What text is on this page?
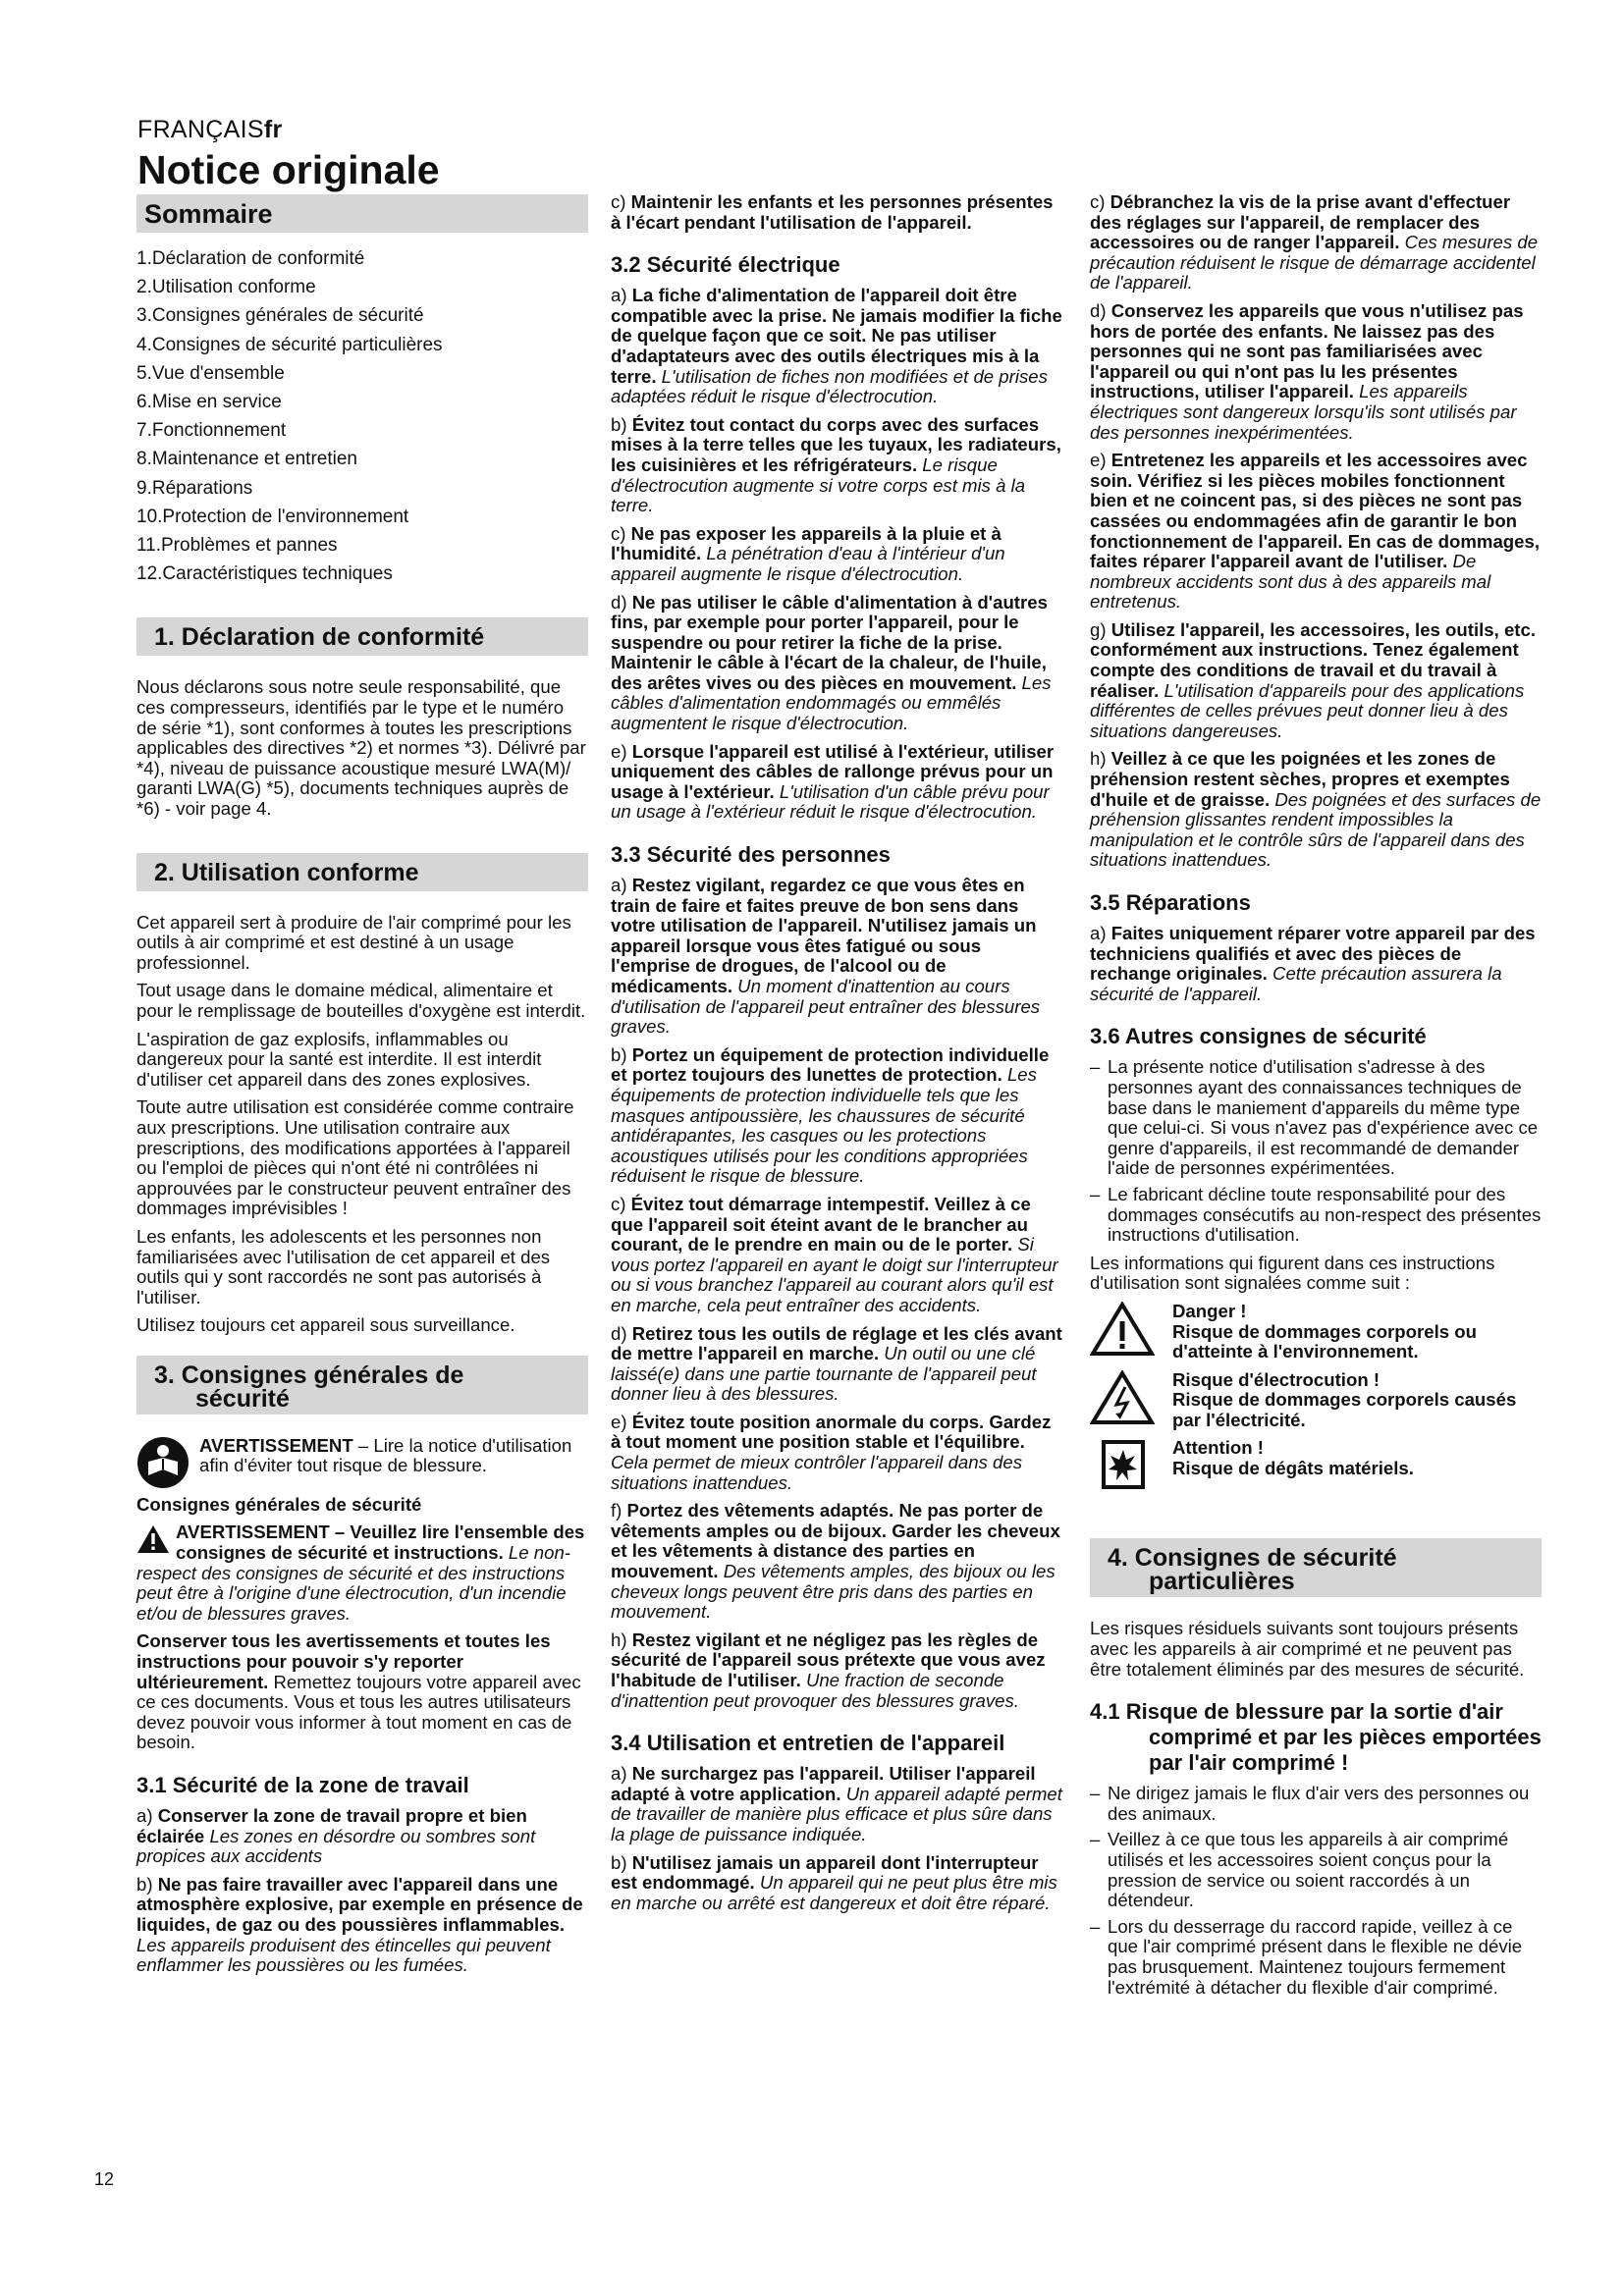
FRANÇAISfr
Notice originale
Sommaire
1.Déclaration de conformité
2.Utilisation conforme
3.Consignes générales de sécurité
4.Consignes de sécurité particulières
5.Vue d'ensemble
6.Mise en service
7.Fonctionnement
8.Maintenance et entretien
9.Réparations
10.Protection de l'environnement
11.Problèmes et pannes
12.Caractéristiques techniques
1. Déclaration de conformité

Nous déclarons sous notre seule responsabilité, que ces compresseurs, identifiés par le type et le numéro de série *1), sont conformes à toutes les prescriptions applicables des directives *2) et normes *3). Délivré par *4), niveau de puissance acoustique mesuré LWA(M)/ garanti LWA(G) *5), documents techniques auprès de *6) - voir page 4.

2. Utilisation conforme

Cet appareil sert à produire de l'air comprimé pour les outils à air comprimé et est destiné à un usage professionnel.

Tout usage dans le domaine médical, alimentaire et pour le remplissage de bouteilles d'oxygène est interdit.

L'aspiration de gaz explosifs, inflammables ou dangereux pour la santé est interdite. Il est interdit d'utiliser cet appareil dans des zones explosives.

Toute autre utilisation est considérée comme contraire aux prescriptions. Une utilisation contraire aux prescriptions, des modifications apportées à l'appareil ou l'emploi de pièces qui n'ont été ni contrôlées ni approuvées par le constructeur peuvent entraîner des dommages imprévisibles !

Les enfants, les adolescents et les personnes non familiarisées avec l'utilisation de cet appareil et des outils qui y sont raccordés ne sont pas autorisés à l'utiliser.

Utilisez toujours cet appareil sous surveillance.

3. Consignes générales de
sécurité
AVERTISSEMENT – Lire la notice d'utilisation afin d'éviter tout risque de blessure.

Consignes générales de sécurité

AVERTISSEMENT – Veuillez lire l'ensemble des consignes de sécurité et instructions. Le non-respect des consignes de sécurité et des instructions peut être à l'origine d'une électrocution, d'un incendie et/ou de blessures graves.

Conserver tous les avertissements et toutes les instructions pour pouvoir s'y reporter ultérieurement. Remettez toujours votre appareil avec ce ces documents. Vous et tous les autres utilisateurs devez pouvoir vous informer à tout moment en cas de besoin.

3.1 Sécurité de la zone de travail

a) Conserver la zone de travail propre et bien éclairée Les zones en désordre ou sombres sont propices aux accidents

b) Ne pas faire travailler avec l'appareil dans une atmosphère explosive, par exemple en présence de liquides, de gaz ou des poussières inflammables. Les appareils produisent des étincelles qui peuvent enflammer les poussières ou les fumées.

c) Maintenir les enfants et les personnes présentes à l'écart pendant l'utilisation de l'appareil.

3.2 Sécurité électrique

a) La fiche d'alimentation de l'appareil doit être compatible avec la prise. Ne jamais modifier la fiche de quelque façon que ce soit. Ne pas utiliser d'adaptateurs avec des outils électriques mis à la terre. L'utilisation de fiches non modifiées et de prises adaptées réduit le risque d'électrocution.

b) Évitez tout contact du corps avec des surfaces mises à la terre telles que les tuyaux, les radiateurs, les cuisinières et les réfrigérateurs. Le risque d'électrocution augmente si votre corps est mis à la terre.

c) Ne pas exposer les appareils à la pluie et à l'humidité. La pénétration d'eau à l'intérieur d'un appareil augmente le risque d'électrocution.

d) Ne pas utiliser le câble d'alimentation à d'autres fins, par exemple pour porter l'appareil, pour le suspendre ou pour retirer la fiche de la prise. Maintenir le câble à l'écart de la chaleur, de l'huile, des arêtes vives ou des pièces en mouvement. Les câbles d'alimentation endommagés ou emmêlés augmentent le risque d'électrocution.

e) Lorsque l'appareil est utilisé à l'extérieur, utiliser uniquement des câbles de rallonge prévus pour un usage à l'extérieur. L'utilisation d'un câble prévu pour un usage à l'extérieur réduit le risque d'électrocution.

3.3 Sécurité des personnes

a) Restez vigilant, regardez ce que vous êtes en train de faire et faites preuve de bon sens dans votre utilisation de l'appareil. N'utilisez jamais un appareil lorsque vous êtes fatigué ou sous l'emprise de drogues, de l'alcool ou de médicaments. Un moment d'inattention au cours d'utilisation de l'appareil peut entraîner des blessures graves.

b) Portez un équipement de protection individuelle et portez toujours des lunettes de protection. Les équipements de protection individuelle tels que les masques antipoussière, les chaussures de sécurité antidérapantes, les casques ou les protections acoustiques utilisés pour les conditions appropriées réduisent le risque de blessure.

c) Évitez tout démarrage intempestif. Veillez à ce que l'appareil soit éteint avant de le brancher au courant, de le prendre en main ou de le porter. Si vous portez l'appareil en ayant le doigt sur l'interrupteur ou si vous branchez l'appareil au courant alors qu'il est en marche, cela peut entraîner des accidents.

d) Retirez tous les outils de réglage et les clés avant de mettre l'appareil en marche. Un outil ou une clé laissé(e) dans une partie tournante de l'appareil peut donner lieu à des blessures.

e) Évitez toute position anormale du corps. Gardez à tout moment une position stable et l'équilibre. Cela permet de mieux contrôler l'appareil dans des situations inattendues.

f) Portez des vêtements adaptés. Ne pas porter de vêtements amples ou de bijoux. Garder les cheveux et les vêtements à distance des parties en mouvement. Des vêtements amples, des bijoux ou les cheveux longs peuvent être pris dans des parties en mouvement.

h) Restez vigilant et ne négligez pas les règles de sécurité de l'appareil sous prétexte que vous avez l'habitude de l'utiliser. Une fraction de seconde d'inattention peut provoquer des blessures graves.

3.4 Utilisation et entretien de l'appareil

a) Ne surchargez pas l'appareil. Utiliser l'appareil adapté à votre application. Un appareil adapté permet de travailler de manière plus efficace et plus sûre dans la plage de puissance indiquée.

b) N'utilisez jamais un appareil dont l'interrupteur est endommagé. Un appareil qui ne peut plus être mis en marche ou arrêté est dangereux et doit être réparé.

c) Débranchez la vis de la prise avant d'effectuer des réglages sur l'appareil, de remplacer des accessoires ou de ranger l'appareil. Ces mesures de précaution réduisent le risque de démarrage accidentel de l'appareil.

d) Conservez les appareils que vous n'utilisez pas hors de portée des enfants. Ne laissez pas des personnes qui ne sont pas familiarisées avec l'appareil ou qui n'ont pas lu les présentes instructions, utiliser l'appareil. Les appareils électriques sont dangereux lorsqu'ils sont utilisés par des personnes inexpérimentées.

e) Entretenez les appareils et les accessoires avec soin. Vérifiez si les pièces mobiles fonctionnent bien et ne coincent pas, si des pièces ne sont pas cassées ou endommagées afin de garantir le bon fonctionnement de l'appareil. En cas de dommages, faites réparer l'appareil avant de l'utiliser. De nombreux accidents sont dus à des appareils mal entretenus.

g) Utilisez l'appareil, les accessoires, les outils, etc. conformément aux instructions. Tenez également compte des conditions de travail et du travail à réaliser. L'utilisation d'appareils pour des applications différentes de celles prévues peut donner lieu à des situations dangereuses.

h) Veillez à ce que les poignées et les zones de préhension restent sèches, propres et exemptes d'huile et de graisse. Des poignées et des surfaces de préhension glissantes rendent impossibles la manipulation et le contrôle sûrs de l'appareil dans des situations inattendues.

3.5 Réparations

a) Faites uniquement réparer votre appareil par des techniciens qualifiés et avec des pièces de rechange originales. Cette précaution assurera la sécurité de l'appareil.

3.6 Autres consignes de sécurité
– La présente notice d'utilisation s'adresse à des personnes ayant des connaissances techniques de base dans le maniement d'appareils du même type que celui-ci. Si vous n'avez pas d'expérience avec ce genre d'appareils, il est recommandé de demander l'aide de personnes expérimentées.
– Le fabricant décline toute responsabilité pour des dommages consécutifs au non-respect des présentes instructions d'utilisation.

Les informations qui figurent dans ces instructions d'utilisation sont signalées comme suit :

Danger !
Risque de dommages corporels ou d'atteinte à l'environnement.
Risque d'électrocution !
Risque de dommages corporels causés par l'électricité.
Attention !
Risque de dégâts matériels.
4. Consignes de sécurité
particulières

Les risques résiduels suivants sont toujours présents avec les appareils à air comprimé et ne peuvent pas être totalement éliminés par des mesures de sécurité.

4.1 Risque de blessure par la sortie d'air comprimé et par les pièces emportées par l'air comprimé !
– Ne dirigez jamais le flux d'air vers des personnes ou des animaux.
– Veillez à ce que tous les appareils à air comprimé utilisés et les accessoires soient conçus pour la pression de service ou soient raccordés à un détendeur.
– Lors du desserrage du raccord rapide, veillez à ce que l'air comprimé présent dans le flexible ne dévie pas brusquement. Maintenez toujours fermement l'extrémité à détacher du flexible d'air comprimé.
12
